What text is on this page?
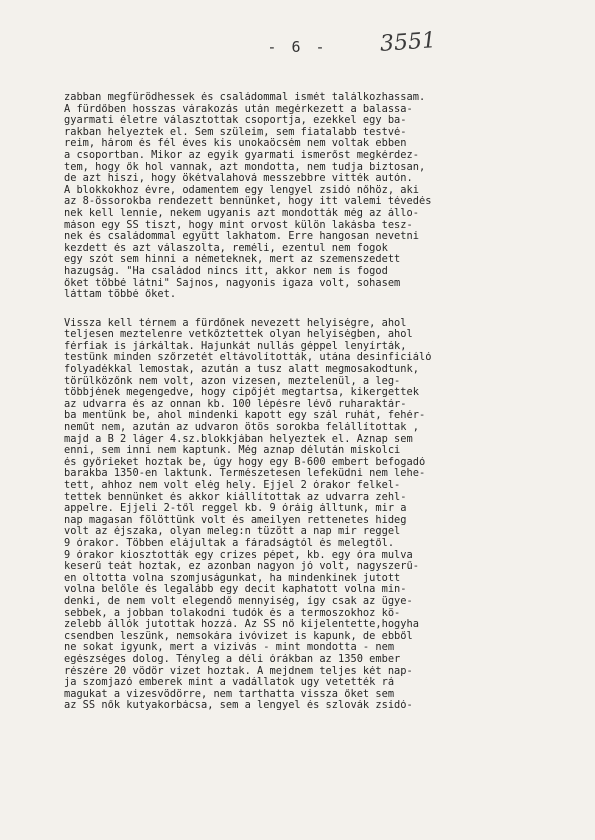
- 6 -	3551
zabban megfürödhessek és családommal ismét találkozhassam.
A fürdőben hosszas várakozás után megérkezett a balassa-
gyarmati életre választottak csoportja, ezekkel egy ba-
rakban helyeztek el. Sem szüleim, sem fiatalabb testvé-
reim, három és fél éves kis unokaöcsém nem voltak ebben
a csoportban. Mikor az egyik gyarmati ismerőst megkérdez-
tem, hogy ők hol vannak, azt mondotta, nem tudja biztosan,
de azt hiszi, hogy ökétvalahová messzebbre vitték autón.
A blokkokhoz évre, odamentem egy lengyel zsidó nőhöz, aki
az 8-össorokba rendezett bennünket, hogy itt valemi tévedés
nek kell lennie, nekem ugyanis azt mondották még az állo-
máson egy SS tiszt, hogy mint orvost külön lakásba tesz-
nek és családommal együtt lakhatom. Erre hangosan nevetni
kezdett és azt válaszolta, reméli, ezentul nem fogok
egy szót sem hinni a németeknek, mert az szemenszedett
hazugság. "Ha családod nincs itt, akkor nem is fogod
őket többé látni" Sajnos, nagyonis igaza volt, sohasem
láttam többé őket.
Vissza kell térnem a fürdőnek nevezett helyiségre, ahol
teljesen meztelenre vetkőztettek olyan helyiségben, ahol
férfiak is járkáltak. Hajunkát nullás géppel lenyírták,
testünk minden szőrzetét eltávolították, utána desinficiáló
folyadékkal lemostak, azután a tusz alatt megmosakodtunk,
törülközőnk nem volt, azon vizesen, meztelenül, a leg-
többjének megengedve, hogy cipőjét megtartsa, kikergettek
az udvarra és az onnan kb. 100 lépésre lévő ruharaktár-
ba mentünk be, ahol mindenki kapott egy szál ruhát, fehér-
neműt nem, azután az udvaron ötös sorokba felállítottak ,
majd a B 2 láger 4.sz.blokkjában helyeztek el. Aznap sem
enni, sem inni nem kaptunk. Még aznap délután miskolci
és győrieket hoztak be, úgy hogy egy B-600 embert befogadó
barakba 1350-en laktunk. Természetesen lefeküdni nem lehe-
tett, ahhoz nem volt elég hely. Éjjel 2 órakor felkel-
tettek bennünket és akkor kiállítottak az udvarra zehl-
appelre. Éjjeli 2-től reggel kb. 9 óráig álltunk, mir a
nap magasan fölöttünk volt és ameilyen rettenetes hideg
volt az éjszaka, olyan meleg:n tüzött a nap mir reggel
9 órakor. Többen elájultak a fáradságtól és melegtől.
9 órakor kiosztották egy crizes pépet, kb. egy óra mulva
keserű teát hoztak, ez azonban nagyon jó volt, nagyszerű-
en oltotta volna szomjuságunkat, ha mindenkinek jutott
volna belőle és legalább egy decit kaphatott volna min-
denki, de nem volt elegendő mennyiség, így csak az ügye-
sebbek, a jobban tolakodni tudók és a termoszokhoz kö-
zelebb állók jutottak hozzá. Az SS nő kijelentette,hogyha
csendben leszünk, nemsokára ivóvizet is kapunk, de ebből
ne sokat igyunk, mert a vizivás - mint mondotta - nem
egészséges dolog. Tényleg a déli órákban az 1350 ember
részére 20 vödör vizet hoztak. A mejdnem teljes két nap-
ja szomjazó emberek mint a vadállatok ugy vetették rá
magukat a vizesvödörre, nem tarthatta vissza őket sem
az SS nők kutyakorbácsa, sem a lengyel és szlovák zsidó-
